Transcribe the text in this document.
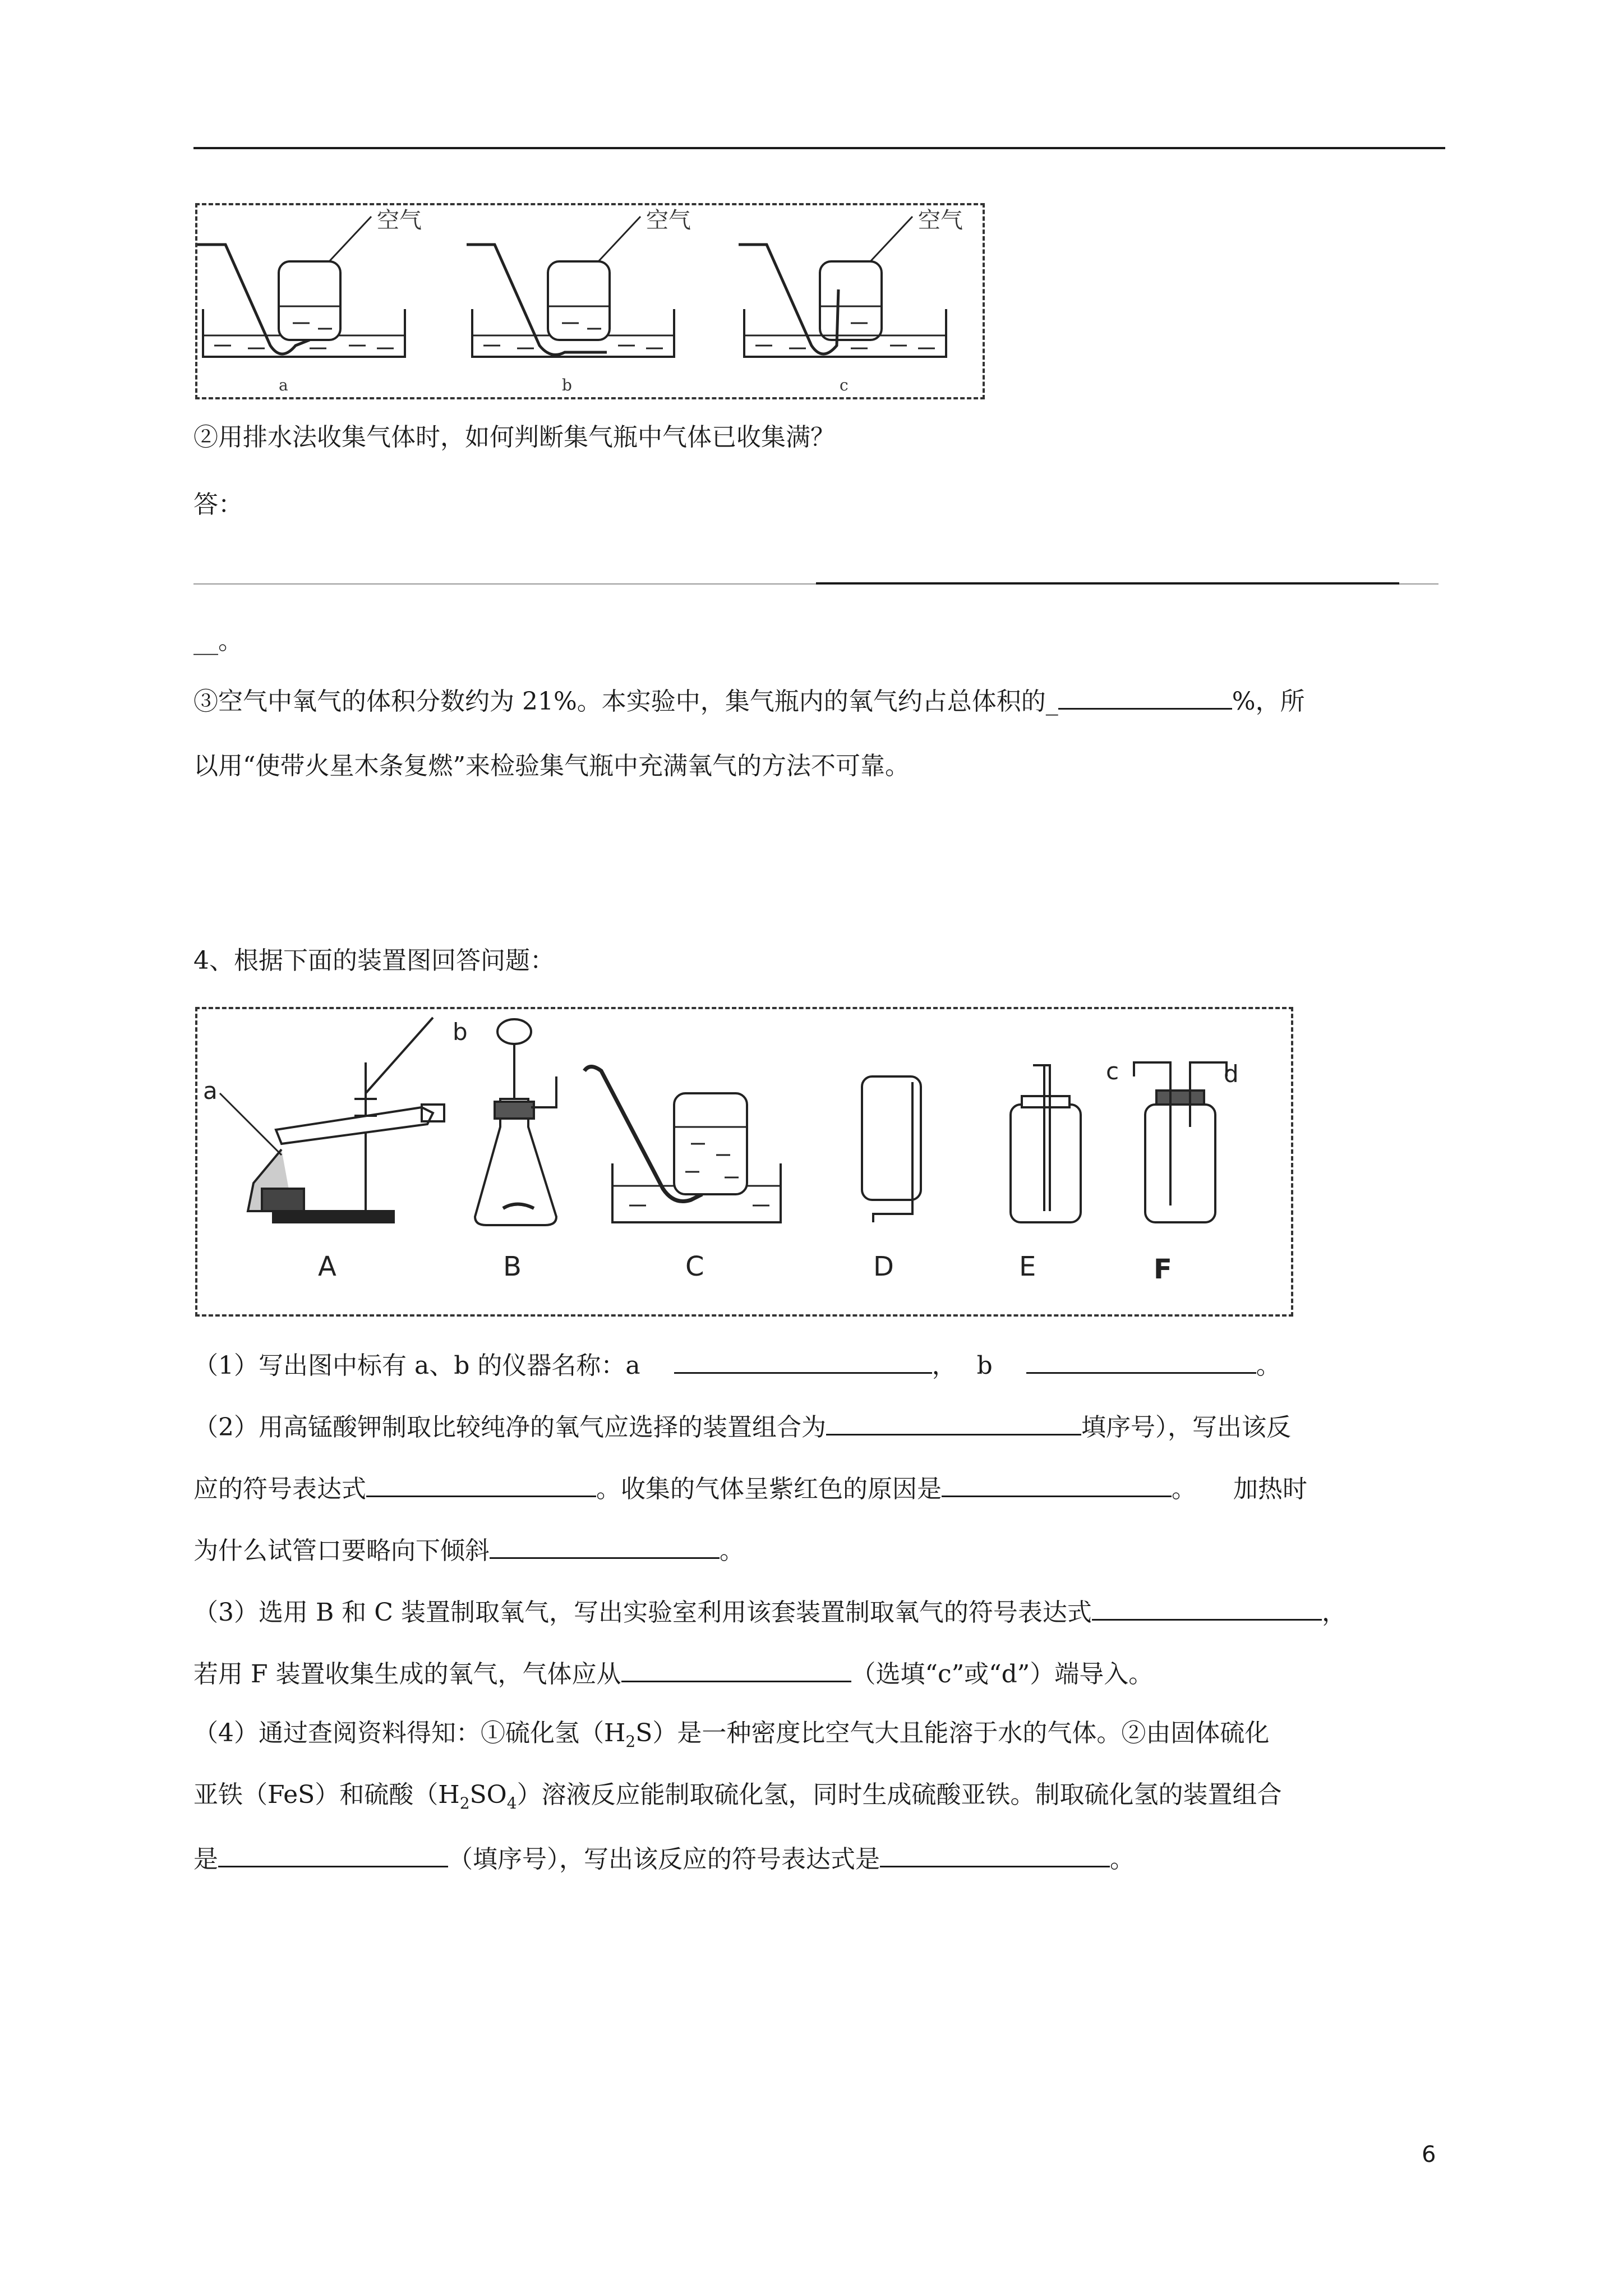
空气	空气	空气
a	b	c
②用排水法收集气体时，如何判断集气瓶中气体已收集满？
答：
__。
③空气中氧气的体积分数约为 21%。本实验中，集气瓶内的氧气约占总体积的_	%，所
以用“使带火星木条复燃”来检验集气瓶中充满氧气的方法不可靠。
4、根据下面的装置图回答问题：
A	B	C	D	E	F
a
b
c	d
（1）写出图中标有 a、b 的仪器名称：a	，　 b	。
（2）用高锰酸钾制取比较纯净的氧气应选择的装置组合为	填序号），写出该反
应的符号表达式	。收集的气体呈紫红色的原因是	。　　加热时
为什么试管口要略向下倾斜	。
（3）选用 B 和 C 装置制取氧气，写出实验室利用该套装置制取氧气的符号表达式	，
若用 F 装置收集生成的氧气，气体应从	（选填“c”或“d”）端导入。
（4）通过查阅资料得知：①硫化氢$(H_2S)$是一种密度比空气大且能溶于水的气体。②由固体硫化
亚铁（FeS）和硫酸$(H_2SO_4)$溶液反应能制取硫化氢，同时生成硫酸亚铁。制取硫化氢的装置组合
是	（填序号），写出该反应的符号表达式是	。
6
